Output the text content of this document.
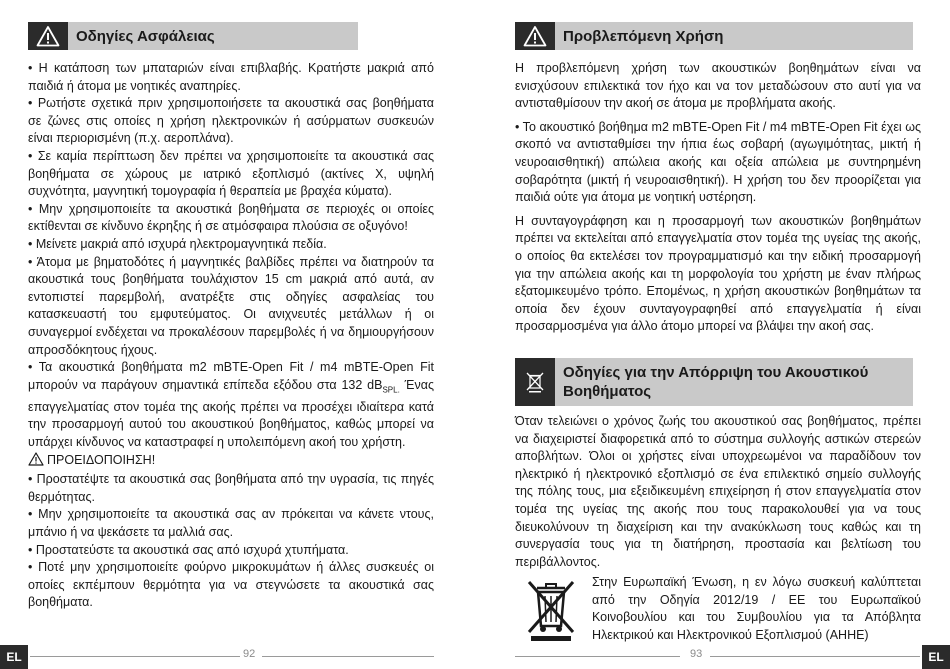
Οδηγίες Ασφάλειας

• Η κατάποση των μπαταριών είναι επιβλαβής. Κρατήστε μακριά από παιδιά ή άτομα με νοητικές αναπηρίες.

• Ρωτήστε σχετικά πριν χρησιμοποιήσετε τα ακουστικά σας βοηθήματα σε ζώνες στις οποίες η χρήση ηλεκτρονικών ή ασύρματων συσκευών είναι περιορισμένη (π.χ. αεροπλάνα).

• Σε καμία περίπτωση δεν πρέπει να χρησιμοποιείτε τα ακουστικά σας βοηθήματα σε χώρους με ιατρικό εξοπλισμό (ακτίνες Χ, υψηλή συχνότητα, μαγνητική τομογραφία ή θεραπεία με βραχέα κύματα).

• Μην χρησιμοποιείτε τα ακουστικά βοηθήματα σε περιοχές οι οποίες εκτίθενται σε κίνδυνο έκρηξης ή σε ατμόσφαιρα πλούσια σε οξυγόνο!

• Μείνετε μακριά από ισχυρά ηλεκτρομαγνητικά πεδία.

• Άτομα με βηματοδότες ή μαγνητικές βαλβίδες πρέπει να διατηρούν τα ακουστικά τους βοηθήματα τουλάχιστον 15 cm μακριά από αυτά, αν εντοπιστεί παρεμβολή, ανατρέξτε στις οδηγίες ασφαλείας του κατασκευαστή του εμφυτεύματος. Οι ανιχνευτές μετάλλων ή οι συναγερμοί ενδέχεται να προκαλέσουν παρεμβολές ή να δημιουργήσουν απροσδόκητους ήχους.

• Τα ακουστικά βοηθήματα m2 mBTE-Open Fit / m4 mBTE-Open Fit μπορούν να παράγουν σημαντικά επίπεδα εξόδου στα 132 $dB_{SPL.}$ Ένας επαγγελματίας στον τομέα της ακοής πρέπει να προσέχει ιδιαίτερα κατά την προσαρμογή αυτού του ακουστικού βοηθήματος, καθώς μπορεί να υπάρχει κίνδυνος να καταστραφεί η υπολειπόμενη ακοή του χρήστη.

ΠΡΟΕΙΔΟΠΟΙΗΣΗ!

• Προστατέψτε τα ακουστικά σας βοηθήματα από την υγρασία, τις πηγές θερμότητας.

• Μην χρησιμοποιείτε τα ακουστικά σας αν πρόκειται να κάνετε ντους, μπάνιο ή να ψεκάσετε τα μαλλιά σας.

• Προστατεύστε τα ακουστικά σας από ισχυρά χτυπήματα.

• Ποτέ μην χρησιμοποιείτε φούρνο μικροκυμάτων ή άλλες συσκευές οι οποίες εκπέμπουν θερμότητα για να στεγνώσετε τα ακουστικά σας βοηθήματα.

EL	92
Προβλεπόμενη Χρήση

Η προβλεπόμενη χρήση των ακουστικών βοηθημάτων είναι να ενισχύσουν επιλεκτικά τον ήχο και να τον μεταδώσουν στο αυτί για να αντισταθμίσουν την ακοή σε άτομα με προβλήματα ακοής.

• Το ακουστικό βοήθημα m2 mBTE-Open Fit / m4 mBTE-Open Fit έχει ως σκοπό να αντισταθμίσει την ήπια έως σοβαρή (αγωγιμότητας, μικτή ή νευροαισθητική) απώλεια ακοής και οξεία απώλεια με συντηρημένη σοβαρότητα (μικτή ή νευροαισθητική). Η χρήση του δεν προορίζεται για παιδιά ούτε για άτομα με νοητική υστέρηση.

Η συνταγογράφηση και η προσαρμογή των ακουστικών βοηθημάτων πρέπει να εκτελείται από επαγγελματία στον τομέα της υγείας της ακοής, ο οποίος θα εκτελέσει τον προγραμματισμό και την ειδική προσαρμογή για την απώλεια ακοής και τη μορφολογία του χρήστη με έναν πλήρως εξατομικευμένο τρόπο. Επομένως, η χρήση ακουστικών βοηθημάτων τα οποία δεν έχουν συνταγογραφηθεί από επαγγελματία ή είναι προσαρμοσμένα για άλλο άτομο μπορεί να βλάψει την ακοή σας.

Οδηγίες για την Απόρριψη του Ακουστικού Βοηθήματος

Όταν τελειώνει ο χρόνος ζωής του ακουστικού σας βοηθήματος, πρέπει να διαχειριστεί διαφορετικά από το σύστημα συλλογής αστικών στερεών αποβλήτων. Όλοι οι χρήστες είναι υποχρεωμένοι να παραδίδουν τον ηλεκτρικό ή ηλεκτρονικό εξοπλισμό σε ένα επιλεκτικό σημείο συλλογής της πόλης τους, μια εξειδικευμένη επιχείρηση ή στον επαγγελματία στον τομέα της υγείας της ακοής που τους παρακολουθεί για να τους διευκολύνουν τη διαχείριση και την ανακύκλωση τους καθώς και τη συνεργασία τους για τη διατήρηση, προστασία και βελτίωση του περιβάλλοντος.

Στην Ευρωπαϊκή Ένωση, η εν λόγω συσκευή καλύπτεται από την Οδηγία 2012/19 / ΕΕ του Ευρωπαϊκού Κοινοβουλίου και του Συμβουλίου για τα Απόβλητα Ηλεκτρικού και Ηλεκτρονικού Εξοπλισμού (ΑΗΗΕ)

93	EL
